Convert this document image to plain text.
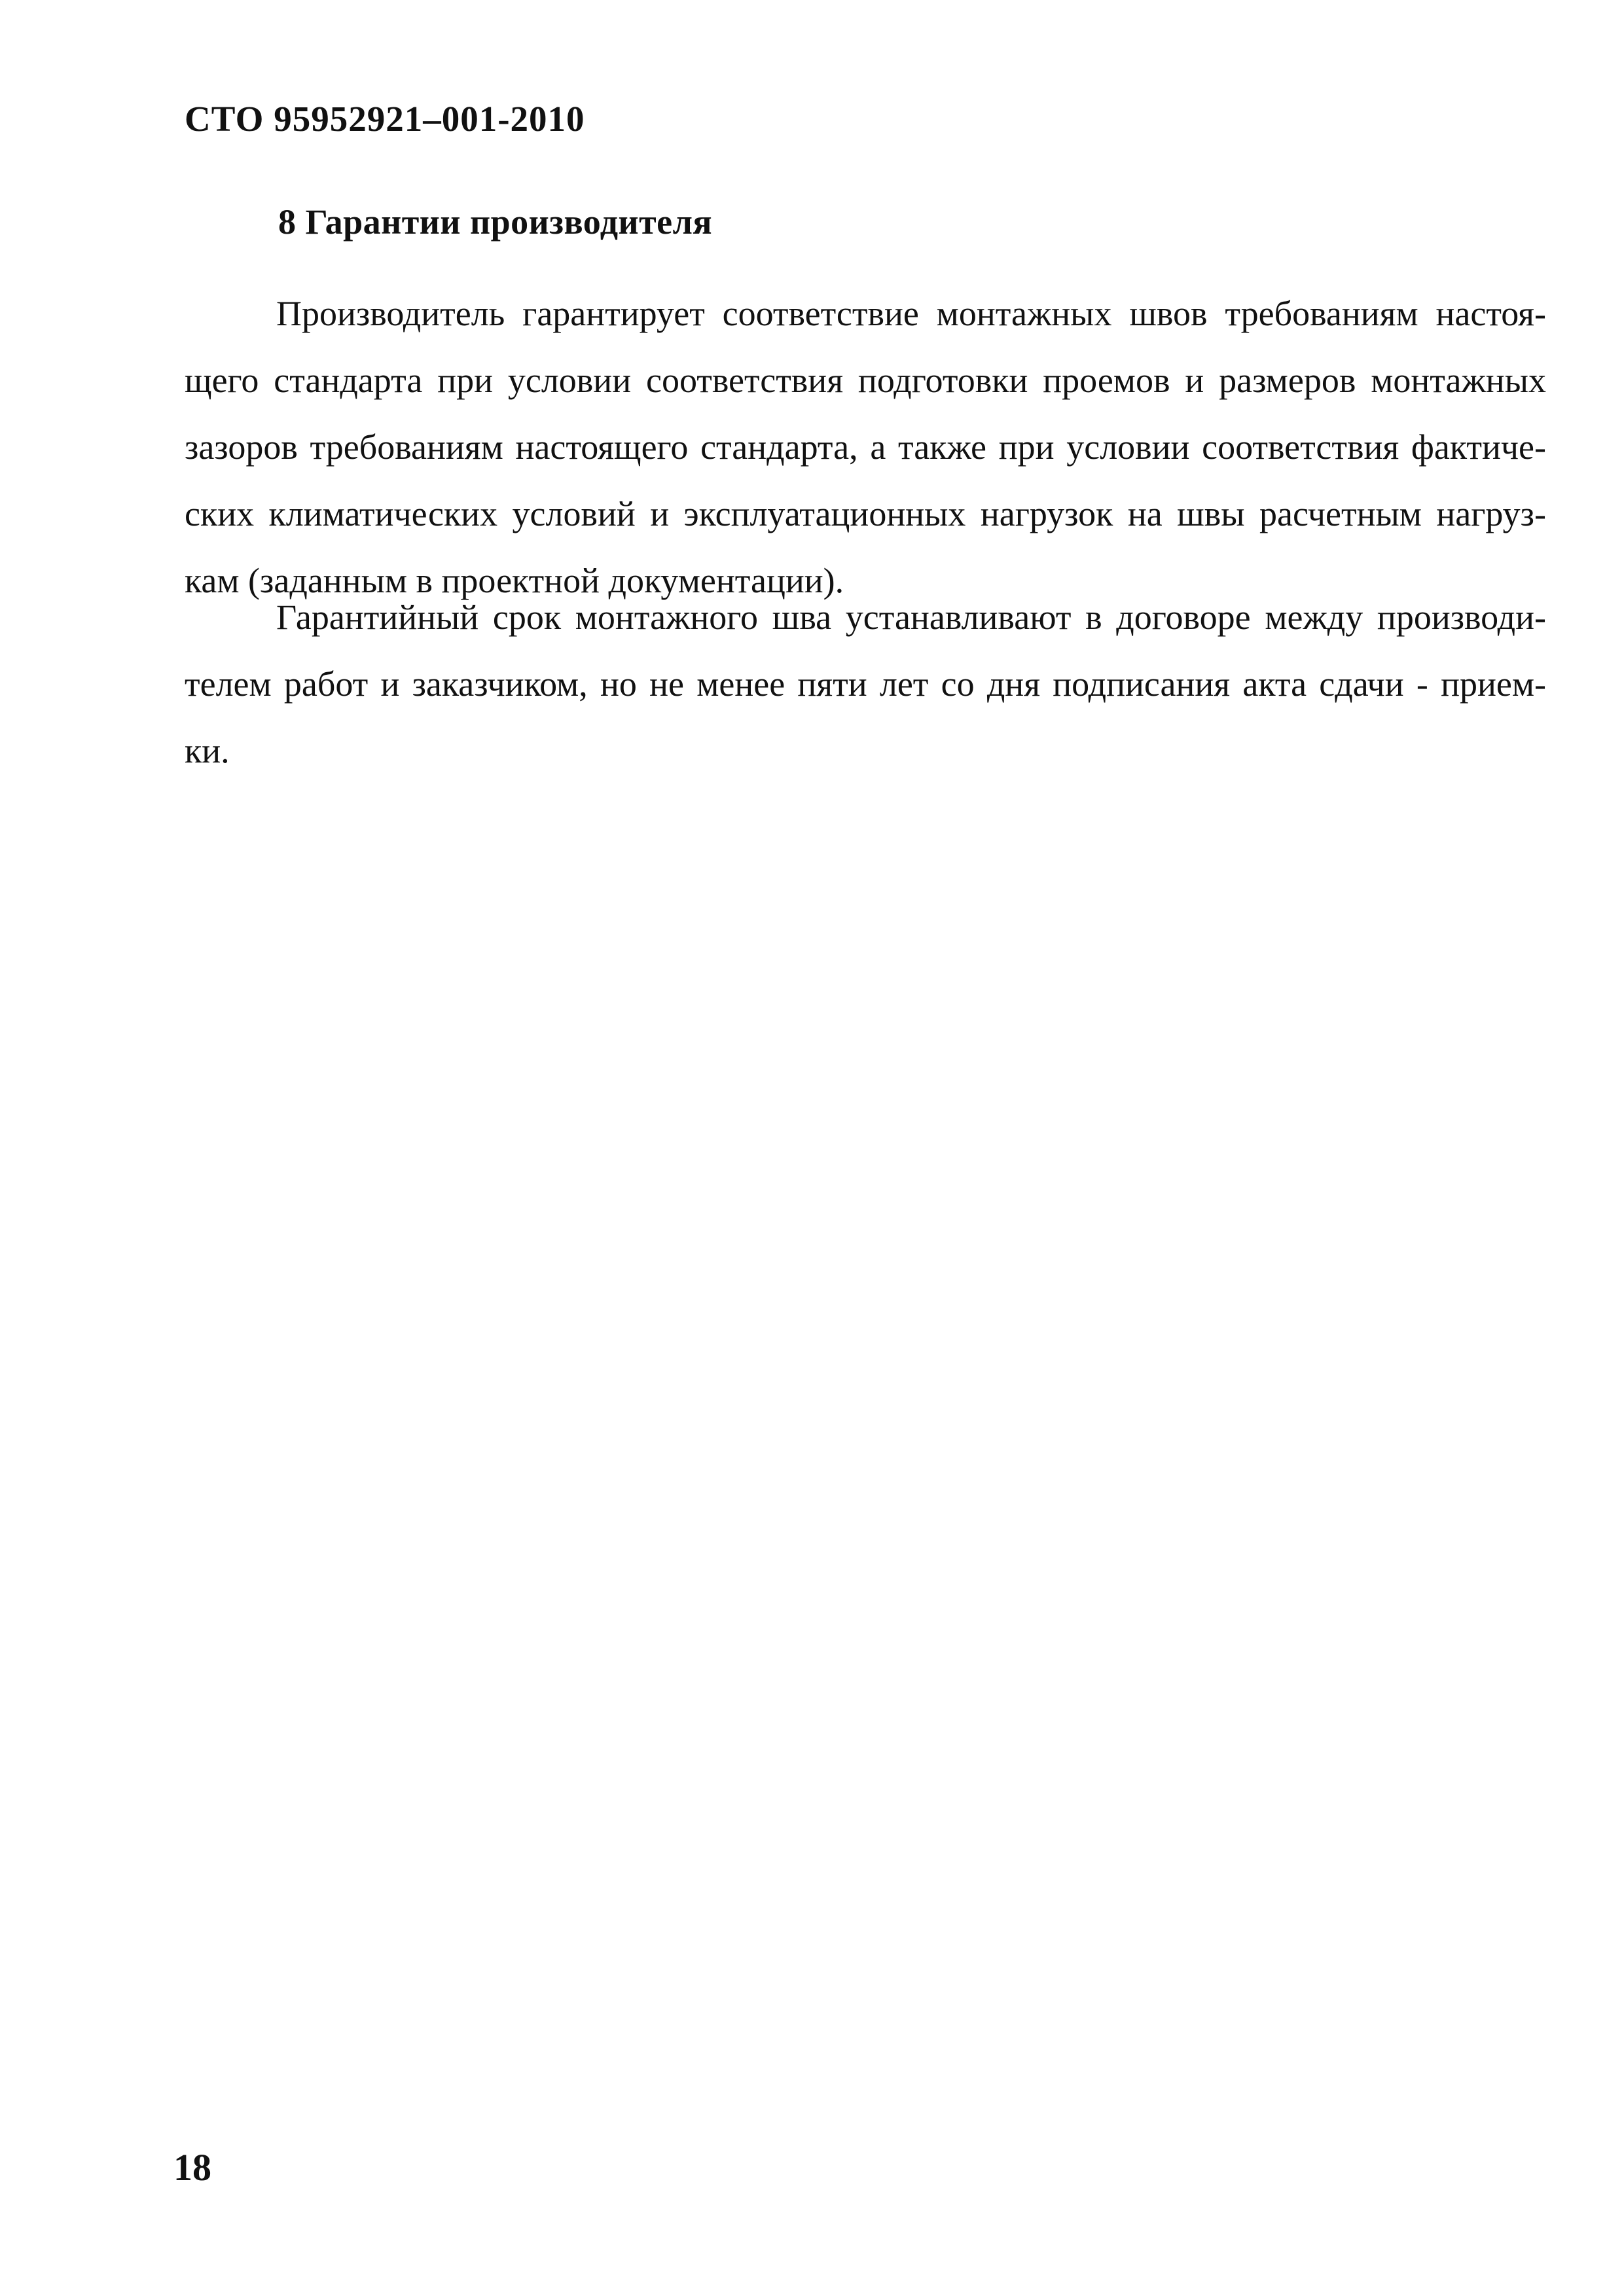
СТО 95952921–001-2010
8 Гарантии производителя
Производитель гарантирует соответствие монтажных швов требованиям настоя-
щего стандарта при условии соответствия подготовки проемов и размеров монтажных
зазоров требованиям настоящего стандарта, а также при условии соответствия фактиче-
ских климатических условий и эксплуатационных нагрузок на швы расчетным нагруз-
кам (заданным в проектной документации).
Гарантийный срок монтажного шва устанавливают в договоре между производи-
телем работ и заказчиком, но не менее пяти лет со дня подписания акта сдачи - прием-
ки.
18
